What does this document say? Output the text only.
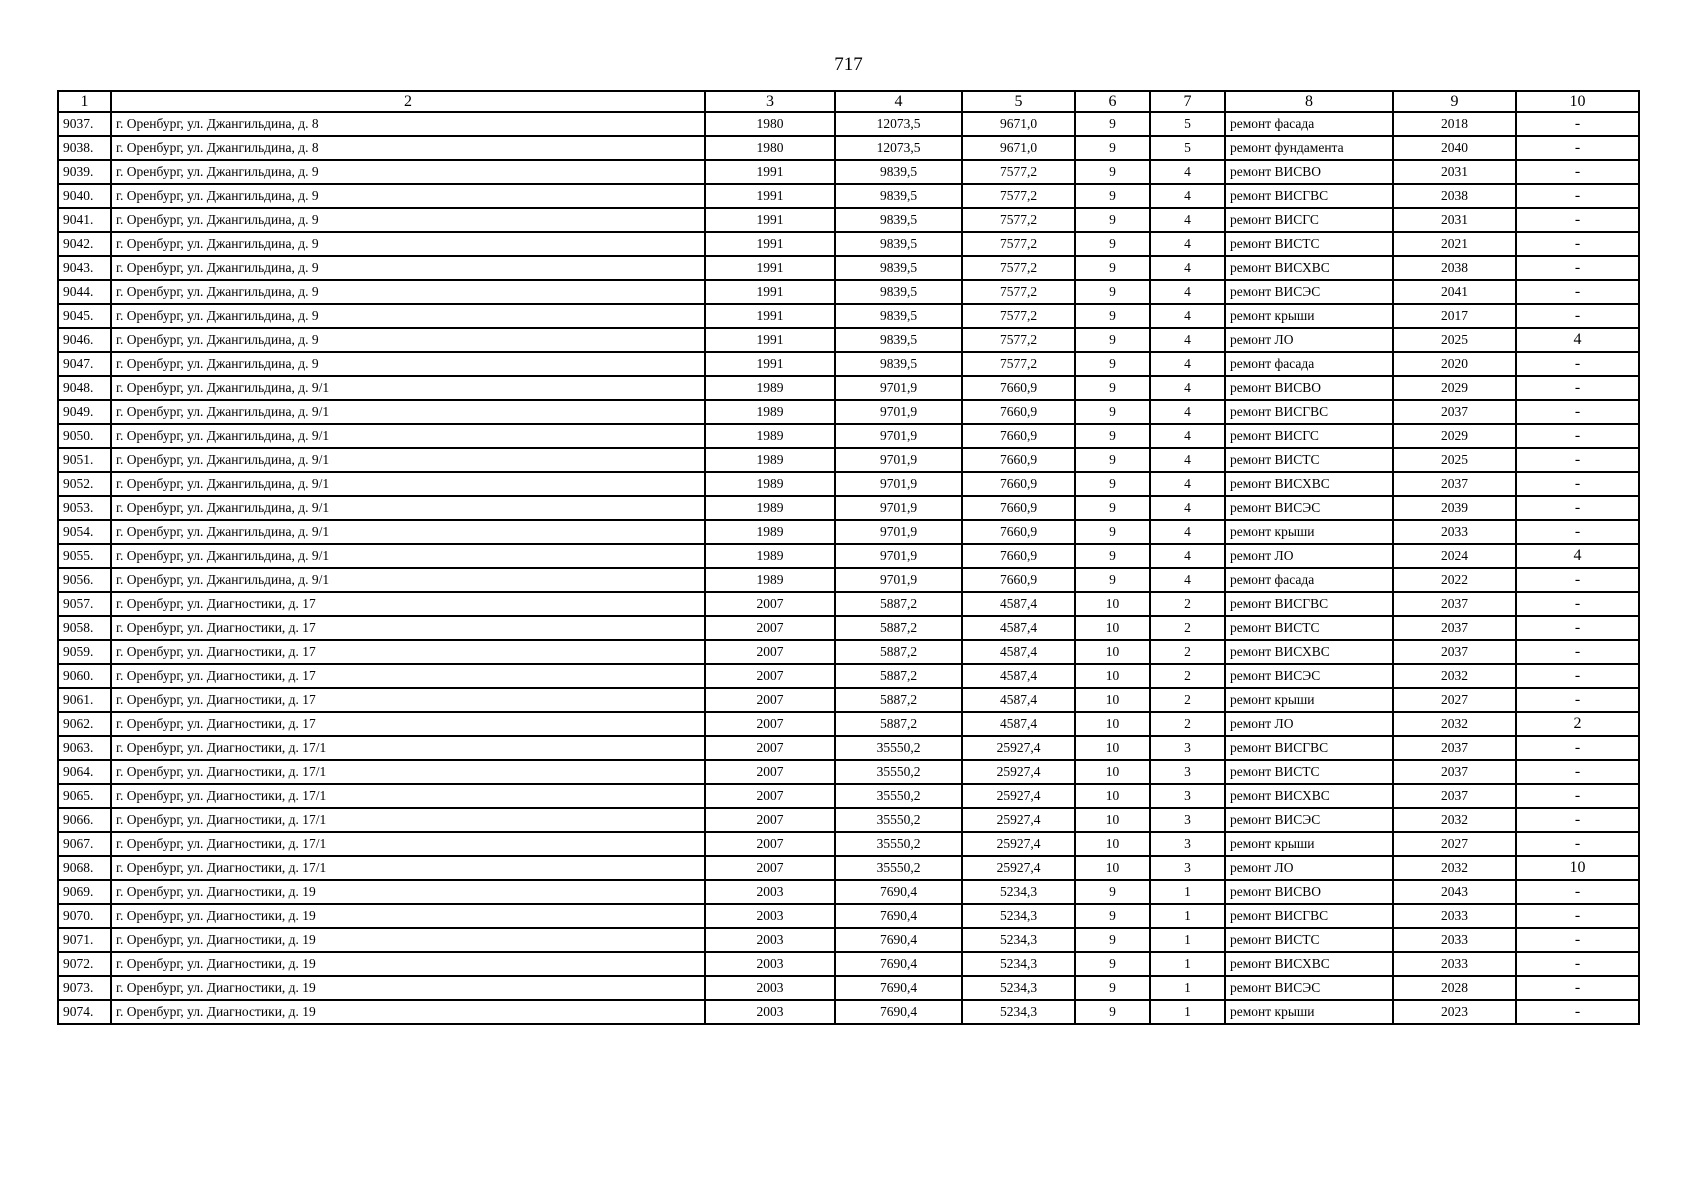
717
1	2	3	4	5	6	7	8	9	10
9037.	г. Оренбург, ул. Джангильдина, д. 8	1980	12073,5	9671,0	9	5	ремонт фасада	2018	-
9038.	г. Оренбург, ул. Джангильдина, д. 8	1980	12073,5	9671,0	9	5	ремонт фундамента	2040	-
9039.	г. Оренбург, ул. Джангильдина, д. 9	1991	9839,5	7577,2	9	4	ремонт ВИСВО	2031	-
9040.	г. Оренбург, ул. Джангильдина, д. 9	1991	9839,5	7577,2	9	4	ремонт ВИСГВС	2038	-
9041.	г. Оренбург, ул. Джангильдина, д. 9	1991	9839,5	7577,2	9	4	ремонт ВИСГС	2031	-
9042.	г. Оренбург, ул. Джангильдина, д. 9	1991	9839,5	7577,2	9	4	ремонт ВИСТС	2021	-
9043.	г. Оренбург, ул. Джангильдина, д. 9	1991	9839,5	7577,2	9	4	ремонт ВИСХВС	2038	-
9044.	г. Оренбург, ул. Джангильдина, д. 9	1991	9839,5	7577,2	9	4	ремонт ВИСЭС	2041	-
9045.	г. Оренбург, ул. Джангильдина, д. 9	1991	9839,5	7577,2	9	4	ремонт крыши	2017	-
9046.	г. Оренбург, ул. Джангильдина, д. 9	1991	9839,5	7577,2	9	4	ремонт ЛО	2025	4
9047.	г. Оренбург, ул. Джангильдина, д. 9	1991	9839,5	7577,2	9	4	ремонт фасада	2020	-
9048.	г. Оренбург, ул. Джангильдина, д. 9/1	1989	9701,9	7660,9	9	4	ремонт ВИСВО	2029	-
9049.	г. Оренбург, ул. Джангильдина, д. 9/1	1989	9701,9	7660,9	9	4	ремонт ВИСГВС	2037	-
9050.	г. Оренбург, ул. Джангильдина, д. 9/1	1989	9701,9	7660,9	9	4	ремонт ВИСГС	2029	-
9051.	г. Оренбург, ул. Джангильдина, д. 9/1	1989	9701,9	7660,9	9	4	ремонт ВИСТС	2025	-
9052.	г. Оренбург, ул. Джангильдина, д. 9/1	1989	9701,9	7660,9	9	4	ремонт ВИСХВС	2037	-
9053.	г. Оренбург, ул. Джангильдина, д. 9/1	1989	9701,9	7660,9	9	4	ремонт ВИСЭС	2039	-
9054.	г. Оренбург, ул. Джангильдина, д. 9/1	1989	9701,9	7660,9	9	4	ремонт крыши	2033	-
9055.	г. Оренбург, ул. Джангильдина, д. 9/1	1989	9701,9	7660,9	9	4	ремонт ЛО	2024	4
9056.	г. Оренбург, ул. Джангильдина, д. 9/1	1989	9701,9	7660,9	9	4	ремонт фасада	2022	-
9057.	г. Оренбург, ул. Диагностики, д. 17	2007	5887,2	4587,4	10	2	ремонт ВИСГВС	2037	-
9058.	г. Оренбург, ул. Диагностики, д. 17	2007	5887,2	4587,4	10	2	ремонт ВИСТС	2037	-
9059.	г. Оренбург, ул. Диагностики, д. 17	2007	5887,2	4587,4	10	2	ремонт ВИСХВС	2037	-
9060.	г. Оренбург, ул. Диагностики, д. 17	2007	5887,2	4587,4	10	2	ремонт ВИСЭС	2032	-
9061.	г. Оренбург, ул. Диагностики, д. 17	2007	5887,2	4587,4	10	2	ремонт крыши	2027	-
9062.	г. Оренбург, ул. Диагностики, д. 17	2007	5887,2	4587,4	10	2	ремонт ЛО	2032	2
9063.	г. Оренбург, ул. Диагностики, д. 17/1	2007	35550,2	25927,4	10	3	ремонт ВИСГВС	2037	-
9064.	г. Оренбург, ул. Диагностики, д. 17/1	2007	35550,2	25927,4	10	3	ремонт ВИСТС	2037	-
9065.	г. Оренбург, ул. Диагностики, д. 17/1	2007	35550,2	25927,4	10	3	ремонт ВИСХВС	2037	-
9066.	г. Оренбург, ул. Диагностики, д. 17/1	2007	35550,2	25927,4	10	3	ремонт ВИСЭС	2032	-
9067.	г. Оренбург, ул. Диагностики, д. 17/1	2007	35550,2	25927,4	10	3	ремонт крыши	2027	-
9068.	г. Оренбург, ул. Диагностики, д. 17/1	2007	35550,2	25927,4	10	3	ремонт ЛО	2032	10
9069.	г. Оренбург, ул. Диагностики, д. 19	2003	7690,4	5234,3	9	1	ремонт ВИСВО	2043	-
9070.	г. Оренбург, ул. Диагностики, д. 19	2003	7690,4	5234,3	9	1	ремонт ВИСГВС	2033	-
9071.	г. Оренбург, ул. Диагностики, д. 19	2003	7690,4	5234,3	9	1	ремонт ВИСТС	2033	-
9072.	г. Оренбург, ул. Диагностики, д. 19	2003	7690,4	5234,3	9	1	ремонт ВИСХВС	2033	-
9073.	г. Оренбург, ул. Диагностики, д. 19	2003	7690,4	5234,3	9	1	ремонт ВИСЭС	2028	-
9074.	г. Оренбург, ул. Диагностики, д. 19	2003	7690,4	5234,3	9	1	ремонт крыши	2023	-
